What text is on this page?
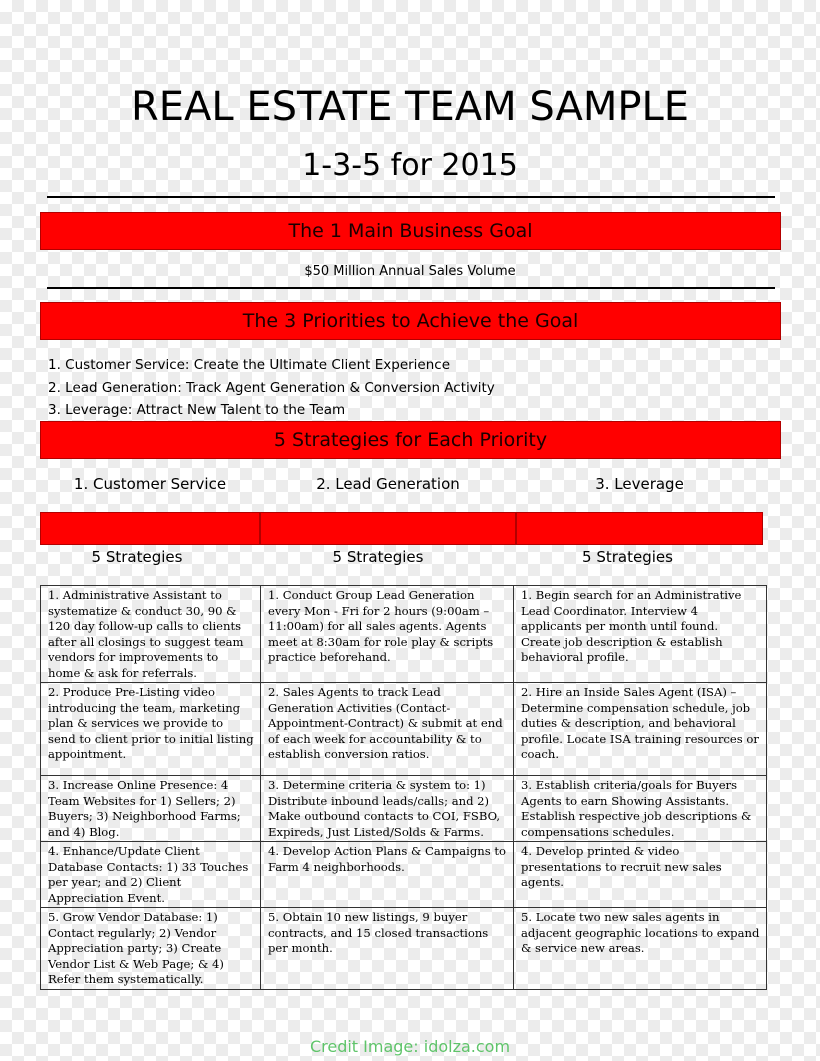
REAL ESTATE TEAM SAMPLE
1-3-5 for 2015
The 1 Main Business Goal
$50 Million Annual Sales Volume
The 3 Priorities to Achieve the Goal
1. Customer Service: Create the Ultimate Client Experience
2. Lead Generation: Track Agent Generation & Conversion Activity
3. Leverage: Attract New Talent to the Team
5 Strategies for Each Priority
1. Customer Service	2. Lead Generation	3. Leverage
5 Strategies	5 Strategies	5 Strategies
1. Administrative Assistant to systematize & conduct 30, 90 & 120 day follow-up calls to clients after all closings to suggest team vendors for improvements to home & ask for referrals.	1. Conduct Group Lead Generation every Mon - Fri for 2 hours (9:00am – 11:00am) for all sales agents. Agents meet at 8:30am for role play & scripts practice beforehand.	1. Begin search for an Administrative Lead Coordinator. Interview 4 applicants per month until found. Create job description & establish behavioral profile.
2. Produce Pre-Listing video introducing the team, marketing plan & services we provide to send to client prior to initial listing appointment.	2. Sales Agents to track Lead Generation Activities (Contact-Appointment-Contract) & submit at end of each week for accountability & to establish conversion ratios.	2. Hire an Inside Sales Agent (ISA) – Determine compensation schedule, job duties & description, and behavioral profile. Locate ISA training resources or coach.
3. Increase Online Presence: 4 Team Websites for 1) Sellers; 2) Buyers; 3) Neighborhood Farms; and 4) Blog.	3. Determine criteria & system to: 1) Distribute inbound leads/calls; and 2) Make outbound contacts to COI, FSBO, Expireds, Just Listed/Solds & Farms.	3. Establish criteria/goals for Buyers Agents to earn Showing Assistants. Establish respective job descriptions & compensations schedules.
4. Enhance/Update Client Database Contacts: 1) 33 Touches per year; and 2) Client Appreciation Event.	4. Develop Action Plans & Campaigns to Farm 4 neighborhoods.	4. Develop printed & video presentations to recruit new sales agents.
5. Grow Vendor Database: 1) Contact regularly; 2) Vendor Appreciation party; 3) Create Vendor List & Web Page; & 4) Refer them systematically.	5. Obtain 10 new listings, 9 buyer contracts, and 15 closed transactions per month.	5. Locate two new sales agents in adjacent geographic locations to expand & service new areas.
Credit Image: idolza.com
